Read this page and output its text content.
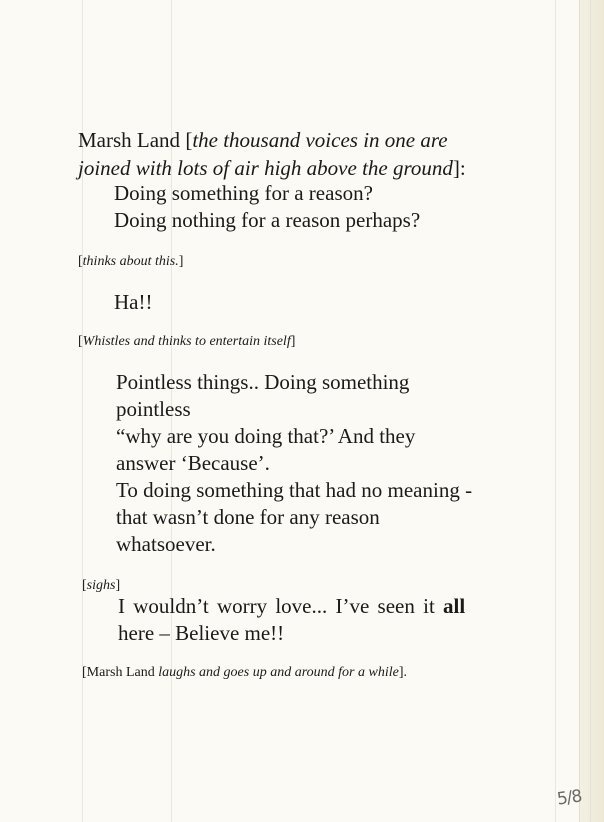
Marsh Land [the thousand voices in one are
joined with lots of air high above the ground]:
Doing something for a reason?
Doing nothing for a reason perhaps?
[thinks about this.]
Ha!!
[Whistles and thinks to entertain itself]
Pointless things.. Doing something
pointless
“why are you doing that?’ And they
answer ‘Because’.
To doing something that had no meaning -
that wasn’t done for any reason
whatsoever.
[sighs]
I wouldn’t worry love... I’ve seen it all
here – Believe me!!
[Marsh Land laughs and goes up and around for a while].
5/8
